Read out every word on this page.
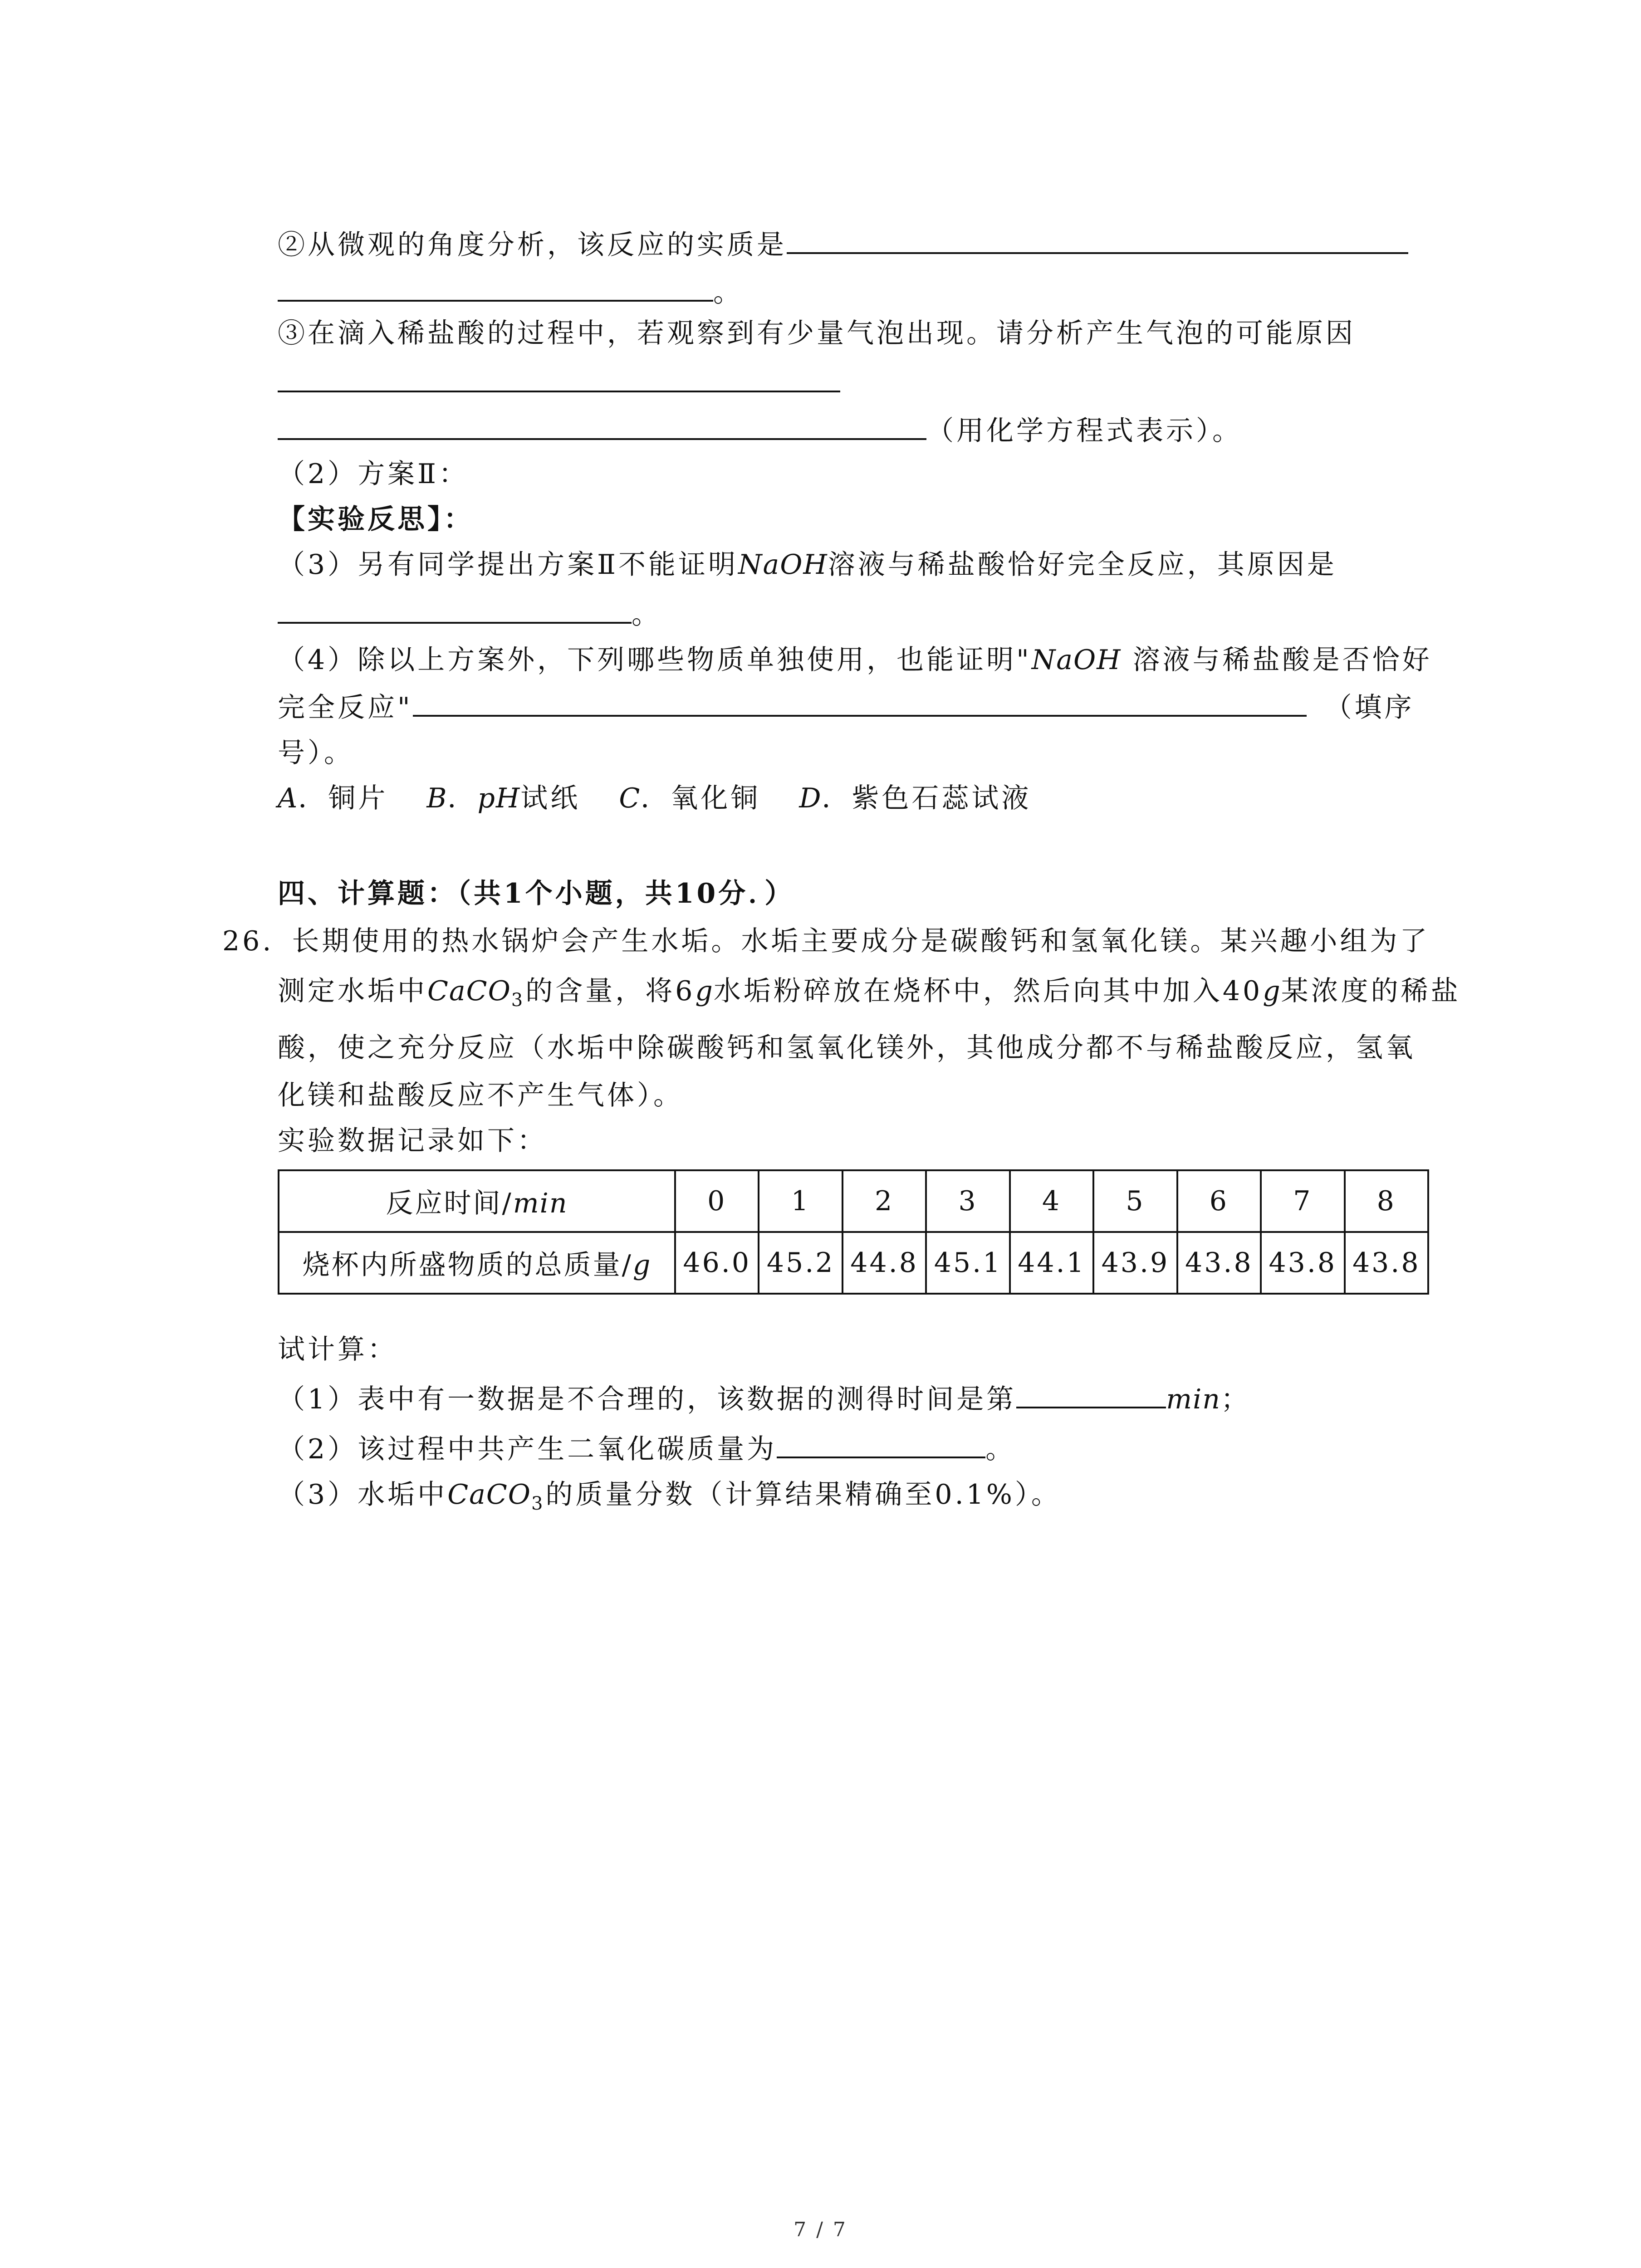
②从微观的角度分析，该反应的实质是
。
③在滴入稀盐酸的过程中，若观察到有少量气泡出现。请分析产生气泡的可能原因
（用化学方程式表示）。
（2）方案Ⅱ：
【实验反思】：
（3）另有同学提出方案Ⅱ不能证明NaOH溶液与稀盐酸恰好完全反应，其原因是
。
（4）除以上方案外，下列哪些物质单独使用，也能证明"NaOH 溶液与稀盐酸是否恰好
完全反应"	（填序
号）。
A．铜片 B．pH试纸 C．氧化铜 D．紫色石蕊试液
四、计算题：（共1个小题，共10分．）
26. 长期使用的热水锅炉会产生水垢。水垢主要成分是碳酸钙和氢氧化镁。某兴趣小组为了
测定水垢中CaCO$_3$的含量，将6g水垢粉碎放在烧杯中，然后向其中加入40g某浓度的稀盐
酸，使之充分反应（水垢中除碳酸钙和氢氧化镁外，其他成分都不与稀盐酸反应，氢氧
化镁和盐酸反应不产生气体）。
实验数据记录如下：
反应时间/min	0	1	2	3	4	5	6	7	8
烧杯内所盛物质的总质量/g	46.0	45.2	44.8	45.1	44.1	43.9	43.8	43.8	43.8
试计算：
（1）表中有一数据是不合理的，该数据的测得时间是第	min；
（2）该过程中共产生二氧化碳质量为	。
（3）水垢中CaCO$_3$的质量分数（计算结果精确至0.1%）。
7 / 7
